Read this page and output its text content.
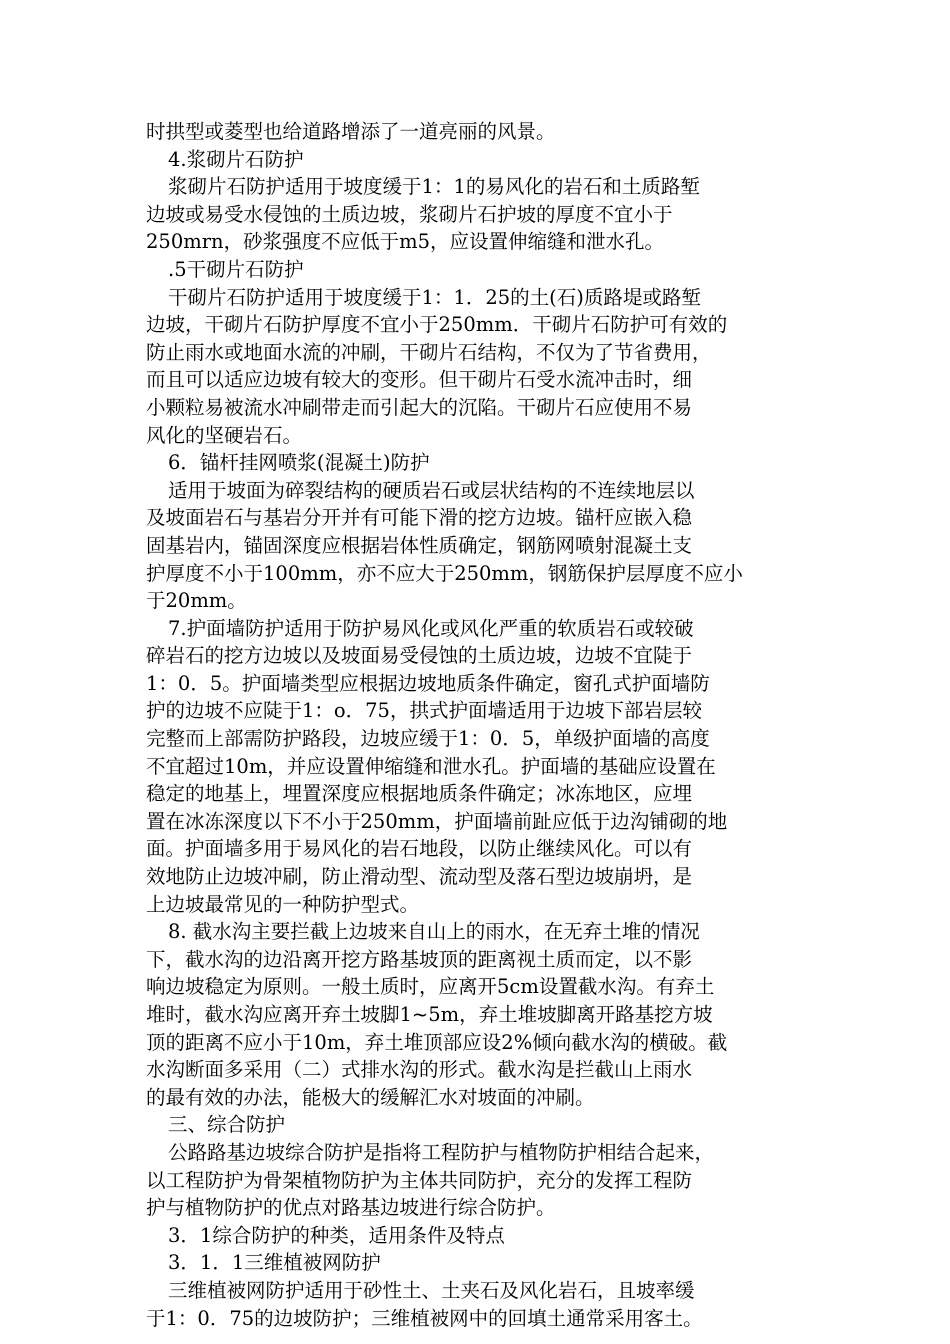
时拱型或菱型也给道路增添了一道亮丽的风景。
4.浆砌片石防护
浆砌片石防护适用于坡度缓于1：1的易风化的岩石和土质路堑
边坡或易受水侵蚀的土质边坡，浆砌片石护坡的厚度不宜小于
250mrn，砂浆强度不应低于m5，应设置伸缩缝和泄水孔。
.5干砌片石防护
干砌片石防护适用于坡度缓于1：1．25的土(石)质路堤或路堑
边坡，干砌片石防护厚度不宜小于250mm．干砌片石防护可有效的
防止雨水或地面水流的冲刷，干砌片石结构，不仅为了节省费用，
而且可以适应边坡有较大的变形。但干砌片石受水流冲击时，细
小颗粒易被流水冲刷带走而引起大的沉陷。干砌片石应使用不易
风化的坚硬岩石。
6．锚杆挂网喷浆(混凝土)防护
适用于坡面为碎裂结构的硬质岩石或层状结构的不连续地层以
及坡面岩石与基岩分开并有可能下滑的挖方边坡。锚杆应嵌入稳
固基岩内，锚固深度应根据岩体性质确定，钢筋网喷射混凝土支
护厚度不小于100mm，亦不应大于250mm，钢筋保护层厚度不应小
于20mm。
7.护面墙防护适用于防护易风化或风化严重的软质岩石或较破
碎岩石的挖方边坡以及坡面易受侵蚀的土质边坡，边坡不宜陡于
1：0．5。护面墙类型应根据边坡地质条件确定，窗孔式护面墙防
护的边坡不应陡于1：o．75，拱式护面墙适用于边坡下部岩层较
完整而上部需防护路段，边坡应缓于1：0．5，单级护面墙的高度
不宜超过10m，并应设置伸缩缝和泄水孔。护面墙的基础应设置在
稳定的地基上，埋置深度应根据地质条件确定；冰冻地区，应埋
置在冰冻深度以下不小于250mm，护面墙前趾应低于边沟铺砌的地
面。护面墙多用于易风化的岩石地段，以防止继续风化。可以有
效地防止边坡冲刷，防止滑动型、流动型及落石型边坡崩坍，是
上边坡最常见的一种防护型式。
8. 截水沟主要拦截上边坡来自山上的雨水，在无弃土堆的情况
下，截水沟的边沿离开挖方路基坡顶的距离视土质而定，以不影
响边坡稳定为原则。一般土质时，应离开5cm设置截水沟。有弃土
堆时，截水沟应离开弃土坡脚1~5m，弃土堆坡脚离开路基挖方坡
顶的距离不应小于10m，弃土堆顶部应设2%倾向截水沟的横破。截
水沟断面多采用（二）式排水沟的形式。截水沟是拦截山上雨水
的最有效的办法，能极大的缓解汇水对坡面的冲刷。
三、综合防护
公路路基边坡综合防护是指将工程防护与植物防护相结合起来，
以工程防护为骨架植物防护为主体共同防护，充分的发挥工程防
护与植物防护的优点对路基边坡进行综合防护。
3．1综合防护的种类，适用条件及特点
3．1．1三维植被网防护
三维植被网防护适用于砂性土、土夹石及风化岩石，且坡率缓
于1：0．75的边坡防护；三维植被网中的回填土通常采用客土。
